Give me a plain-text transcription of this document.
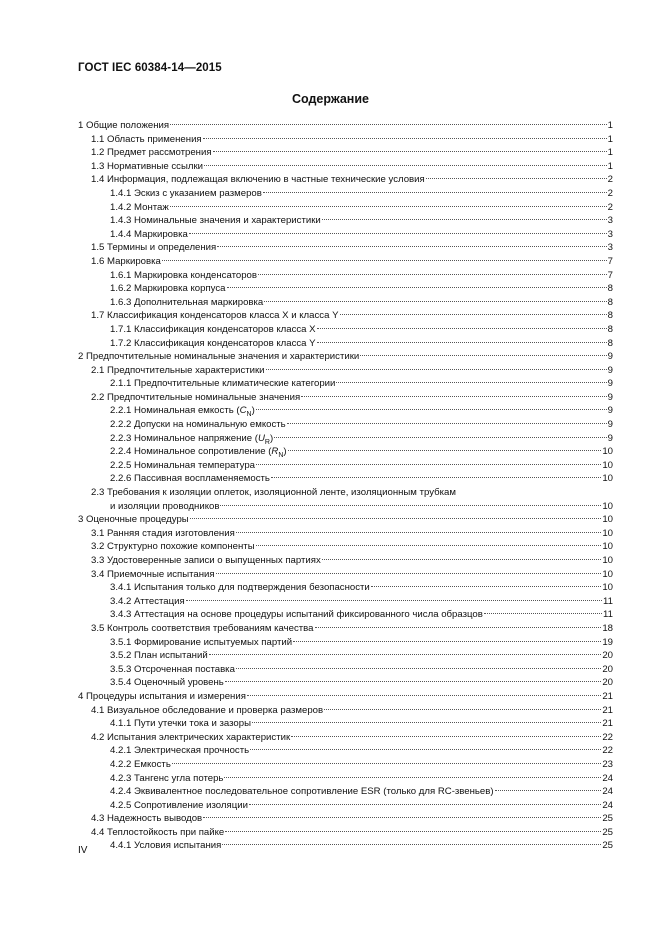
ГОСТ IEC 60384-14—2015
Содержание
1 Общие положения	1
1.1 Область применения	1
1.2 Предмет рассмотрения	1
1.3 Нормативные ссылки	1
1.4 Информация, подлежащая включению в частные технические условия	2
1.4.1 Эскиз с указанием размеров	2
1.4.2 Монтаж	2
1.4.3 Номинальные значения и характеристики	3
1.4.4 Маркировка	3
1.5 Термины и определения	3
1.6 Маркировка	7
1.6.1 Маркировка конденсаторов	7
1.6.2 Маркировка корпуса	8
1.6.3 Дополнительная маркировка	8
1.7 Классификация конденсаторов класса X и класса Y	8
1.7.1 Классификация конденсаторов класса X	8
1.7.2 Классификация конденсаторов класса Y	8
2 Предпочтительные номинальные значения и характеристики	9
2.1 Предпочтительные характеристики	9
2.1.1 Предпочтительные климатические категории	9
2.2 Предпочтительные номинальные значения	9
2.2.1 Номинальная емкость $(C_N)$	9
2.2.2 Допуски на номинальную емкость	9
2.2.3 Номинальное напряжение $(U_R)$	9
2.2.4 Номинальное сопротивление $(R_N)$	10
2.2.5 Номинальная температура	10
2.2.6 Пассивная воспламеняемость	10
2.3 Требования к изоляции оплеток, изоляционной ленте, изоляционным трубкам
и изоляции проводников	10
3 Оценочные процедуры	10
3.1 Ранняя стадия изготовления	10
3.2 Структурно похожие компоненты	10
3.3 Удостоверенные записи о выпущенных партиях	10
3.4 Приемочные испытания	10
3.4.1 Испытания только для подтверждения безопасности	10
3.4.2 Аттестация	11
3.4.3 Аттестация на основе процедуры испытаний фиксированного числа образцов	11
3.5 Контроль соответствия требованиям качества	18
3.5.1 Формирование испытуемых партий	19
3.5.2 План испытаний	20
3.5.3 Отсроченная поставка	20
3.5.4 Оценочный уровень	20
4 Процедуры испытания и измерения	21
4.1 Визуальное обследование и проверка размеров	21
4.1.1 Пути утечки тока и зазоры	21
4.2 Испытания электрических характеристик	22
4.2.1 Электрическая прочность	22
4.2.2 Емкость	23
4.2.3 Тангенс угла потерь	24
4.2.4 Эквивалентное последовательное сопротивление ESR (только для RC-звеньев)	24
4.2.5 Сопротивление изоляции	24
4.3 Надежность выводов	25
4.4 Теплостойкость при пайке	25
4.4.1 Условия испытания	25
IV
